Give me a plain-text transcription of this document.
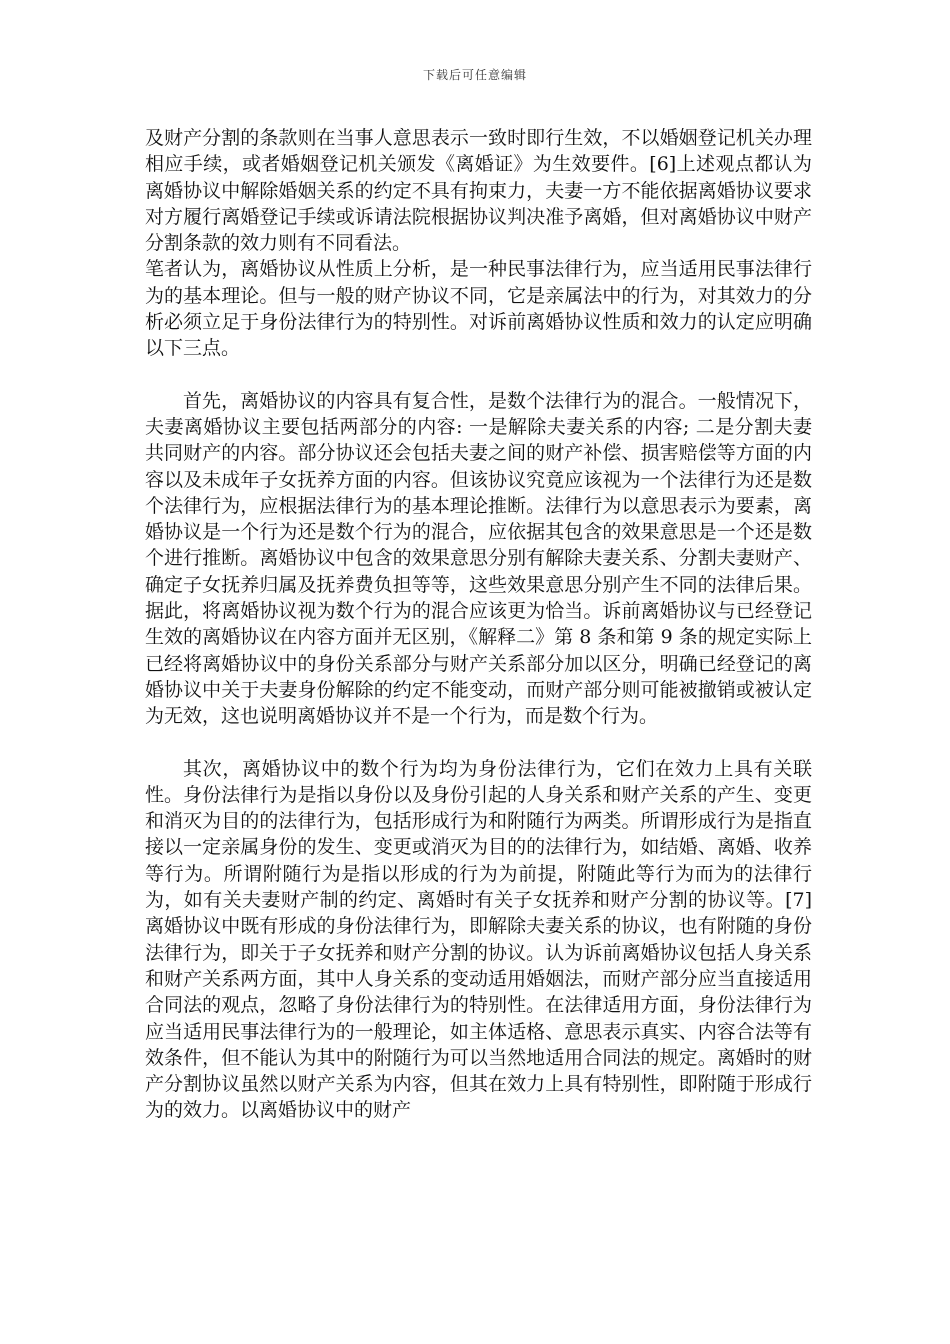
下载后可任意编辑

及财产分割的条款则在当事人意思表示一致时即行生效，不以婚姻登记机关办理相应手续，或者婚姻登记机关颁发《离婚证》为生效要件。[6]上述观点都认为离婚协议中解除婚姻关系的约定不具有拘束力，夫妻一方不能依据离婚协议要求对方履行离婚登记手续或诉请法院根据协议判决准予离婚，但对离婚协议中财产分割条款的效力则有不同看法。

笔者认为，离婚协议从性质上分析，是一种民事法律行为，应当适用民事法律行为的基本理论。但与一般的财产协议不同，它是亲属法中的行为，对其效力的分析必须立足于身份法律行为的特别性。对诉前离婚协议性质和效力的认定应明确以下三点。

首先，离婚协议的内容具有复合性，是数个法律行为的混合。一般情况下，夫妻离婚协议主要包括两部分的内容: 一是解除夫妻关系的内容; 二是分割夫妻共同财产的内容。部分协议还会包括夫妻之间的财产补偿、损害赔偿等方面的内容以及未成年子女抚养方面的内容。但该协议究竟应该视为一个法律行为还是数个法律行为，应根据法律行为的基本理论推断。法律行为以意思表示为要素，离婚协议是一个行为还是数个行为的混合，应依据其包含的效果意思是一个还是数个进行推断。离婚协议中包含的效果意思分别有解除夫妻关系、分割夫妻财产、确定子女抚养归属及抚养费负担等等，这些效果意思分别产生不同的法律后果。据此，将离婚协议视为数个行为的混合应该更为恰当。诉前离婚协议与已经登记生效的离婚协议在内容方面并无区别，《解释二》第 8 条和第 9 条的规定实际上已经将离婚协议中的身份关系部分与财产关系部分加以区分，明确已经登记的离婚协议中关于夫妻身份解除的约定不能变动，而财产部分则可能被撤销或被认定为无效，这也说明离婚协议并不是一个行为，而是数个行为。

其次，离婚协议中的数个行为均为身份法律行为，它们在效力上具有关联性。身份法律行为是指以身份以及身份引起的人身关系和财产关系的产生、变更和消灭为目的的法律行为，包括形成行为和附随行为两类。所谓形成行为是指直接以一定亲属身份的发生、变更或消灭为目的的法律行为，如结婚、离婚、收养等行为。所谓附随行为是指以形成的行为为前提，附随此等行为而为的法律行为，如有关夫妻财产制的约定、离婚时有关子女抚养和财产分割的协议等。[7]离婚协议中既有形成的身份法律行为，即解除夫妻关系的协议，也有附随的身份法律行为，即关于子女抚养和财产分割的协议。认为诉前离婚协议包括人身关系和财产关系两方面，其中人身关系的变动适用婚姻法，而财产部分应当直接适用合同法的观点，忽略了身份法律行为的特别性。在法律适用方面，身份法律行为应当适用民事法律行为的一般理论，如主体适格、意思表示真实、内容合法等有效条件，但不能认为其中的附随行为可以当然地适用合同法的规定。离婚时的财产分割协议虽然以财产关系为内容，但其在效力上具有特别性，即附随于形成行为的效力。以离婚协议中的财产
